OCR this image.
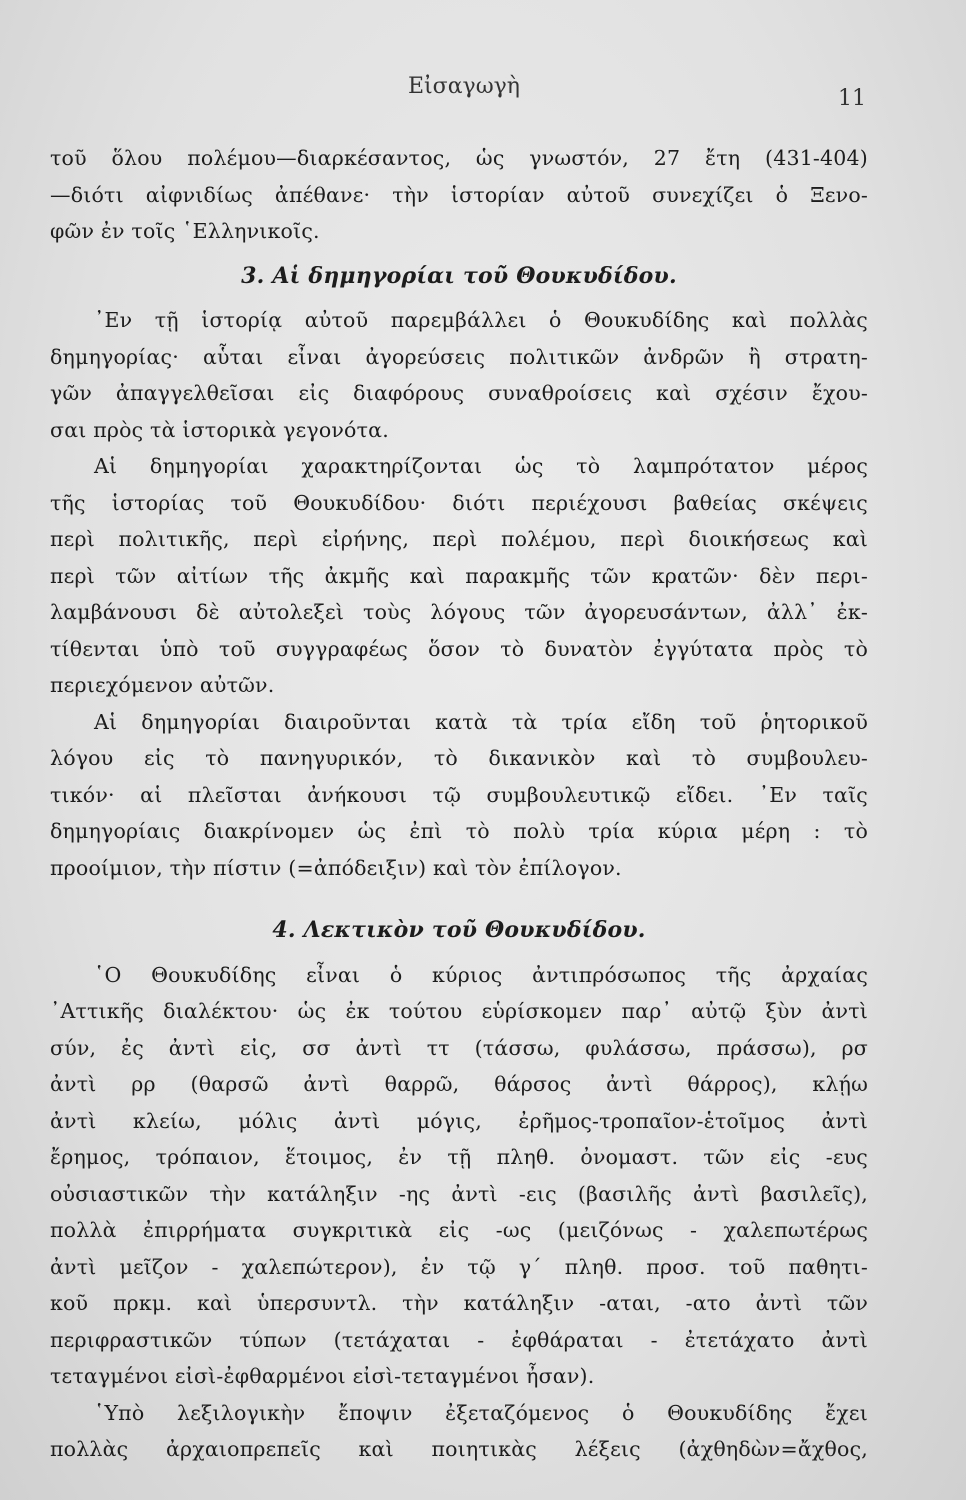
Εἰσαγωγὴ	11
τοῦ ὅλου πολέμου—διαρκέσαντος, ὡς γνωστόν, 27 ἔτη (431-404)
—διότι αἰφνιδίως ἀπέθανε· τὴν ἱστορίαν αὐτοῦ συνεχίζει ὁ Ξενο-
φῶν ἐν τοῖς ῾Ελληνικοῖς.
3. Αἱ δημηγορίαι τοῦ Θουκυδίδου.
᾿Εν τῇ ἱστορίᾳ αὐτοῦ παρεμβάλλει ὁ Θουκυδίδης καὶ πολλὰς
δημηγορίας· αὗται εἶναι ἀγορεύσεις πολιτικῶν ἀνδρῶν ἢ στρατη-
γῶν ἀπαγγελθεῖσαι εἰς διαφόρους συναθροίσεις καὶ σχέσιν ἔχου-
σαι πρὸς τὰ ἱστορικὰ γεγονότα.
Αἱ δημηγορίαι χαρακτηρίζονται ὡς τὸ λαμπρότατον μέρος
τῆς ἱστορίας τοῦ Θουκυδίδου· διότι περιέχουσι βαθείας σκέψεις
περὶ πολιτικῆς, περὶ εἰρήνης, περὶ πολέμου, περὶ διοικήσεως καὶ
περὶ τῶν αἰτίων τῆς ἀκμῆς καὶ παρακμῆς τῶν κρατῶν· δὲν περι-
λαμβάνουσι δὲ αὐτολεξεὶ τοὺς λόγους τῶν ἀγορευσάντων, ἀλλ᾿ ἐκ-
τίθενται ὑπὸ τοῦ συγγραφέως ὅσον τὸ δυνατὸν ἐγγύτατα πρὸς τὸ
περιεχόμενον αὐτῶν.
Αἱ δημηγορίαι διαιροῦνται κατὰ τὰ τρία εἴδη τοῦ ῥητορικοῦ
λόγου εἰς τὸ πανηγυρικόν, τὸ δικανικὸν καὶ τὸ συμβουλευ-
τικόν· αἱ πλεῖσται ἀνήκουσι τῷ συμβουλευτικῷ εἴδει. ᾿Εν ταῖς
δημηγορίαις διακρίνομεν ὡς ἐπὶ τὸ πολὺ τρία κύρια μέρη : τὸ
προοίμιον, τὴν πίστιν (=ἀπόδειξιν) καὶ τὸν ἐπίλογον.
4. Λεκτικὸν τοῦ Θουκυδίδου.
῾Ο Θουκυδίδης εἶναι ὁ κύριος ἀντιπρόσωπος τῆς ἀρχαίας
᾿Αττικῆς διαλέκτου· ὡς ἐκ τούτου εὑρίσκομεν παρ᾿ αὐτῷ ξὺν ἀντὶ
σύν, ἐς ἀντὶ εἰς, σσ ἀντὶ ττ (τάσσω, φυλάσσω, πράσσω), ρσ
ἀντὶ ρρ (θαρσῶ ἀντὶ θαρρῶ, θάρσος ἀντὶ θάρρος), κλῄω
ἀντὶ κλείω, μόλις ἀντὶ μόγις, ἐρῆμος-τροπαῖον-ἑτοῖμος ἀντὶ
ἔρημος, τρόπαιον, ἕτοιμος, ἐν τῇ πληθ. ὀνομαστ. τῶν εἰς -ευς
οὐσιαστικῶν τὴν κατάληξιν -ης ἀντὶ -εις (βασιλῆς ἀντὶ βασιλεῖς),
πολλὰ ἐπιρρήματα συγκριτικὰ εἰς -ως (μειζόνως - χαλεπωτέρως
ἀντὶ μεῖζον - χαλεπώτερον), ἐν τῷ γ΄ πληθ. προσ. τοῦ παθητι-
κοῦ πρκμ. καὶ ὑπερσυντλ. τὴν κατάληξιν -αται, -ατο ἀντὶ τῶν
περιφραστικῶν τύπων (τετάχαται - ἐφθάραται - ἐτετάχατο ἀντὶ
τεταγμένοι εἰσὶ-ἐφθαρμένοι εἰσὶ-τεταγμένοι ἦσαν).
῾Υπὸ λεξιλογικὴν ἔποψιν ἐξεταζόμενος ὁ Θουκυδίδης ἔχει
πολλὰς ἀρχαιοπρεπεῖς καὶ ποιητικὰς λέξεις (ἀχθηδὼν=ἄχθος,
